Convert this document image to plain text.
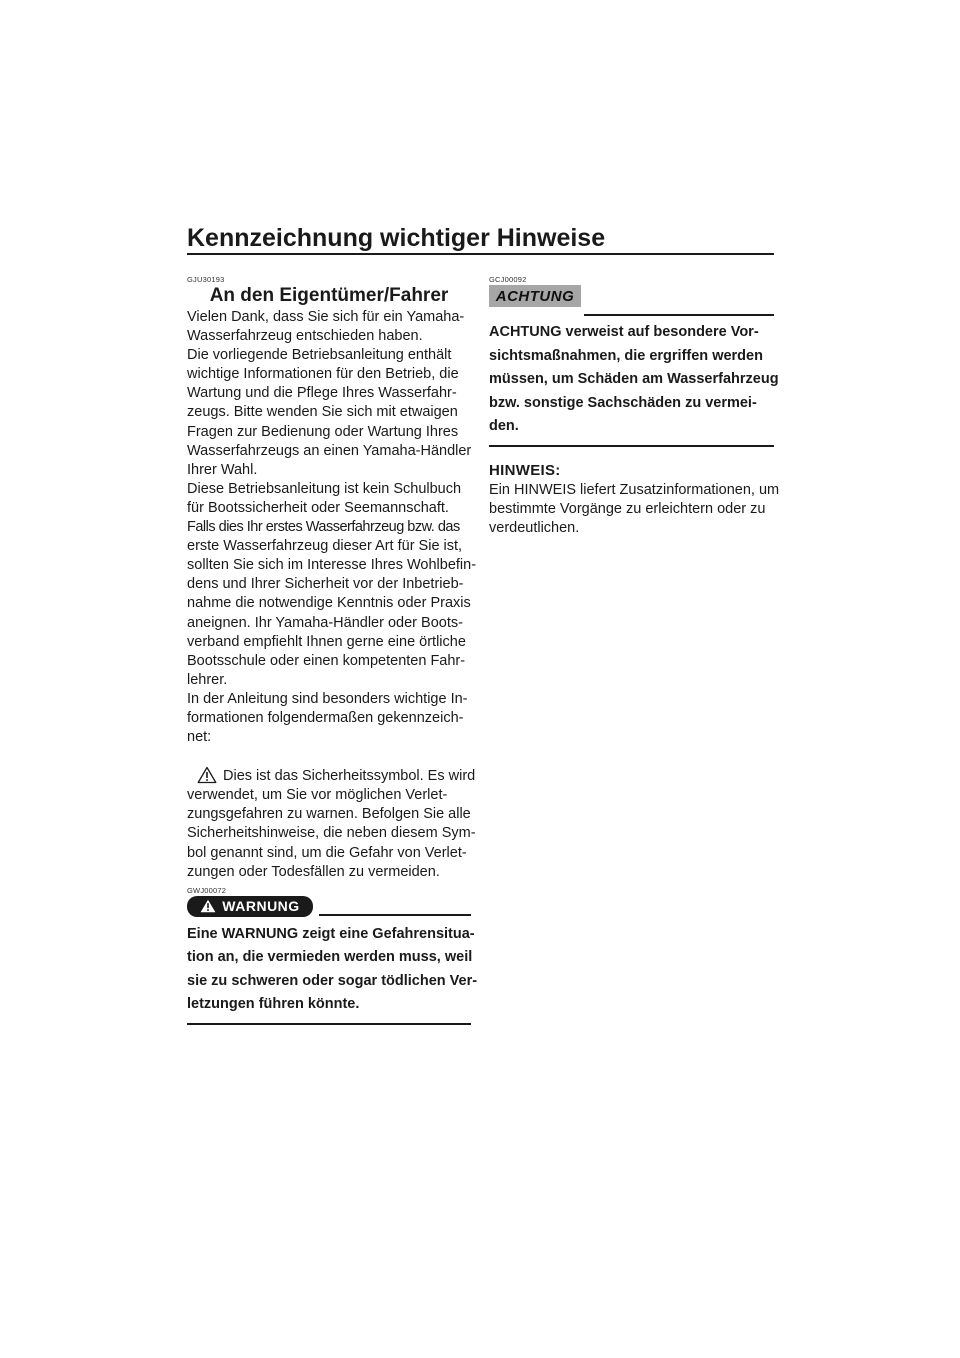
Kennzeichnung wichtiger Hinweise
GJU30193
An den Eigentümer/Fahrer
Vielen Dank, dass Sie sich für ein Yamaha-
Wasserfahrzeug entschieden haben.
Die vorliegende Betriebsanleitung enthält
wichtige Informationen für den Betrieb, die
Wartung und die Pflege Ihres Wasserfahr-
zeugs. Bitte wenden Sie sich mit etwaigen
Fragen zur Bedienung oder Wartung Ihres
Wasserfahrzeugs an einen Yamaha-Händler
Ihrer Wahl.
Diese Betriebsanleitung ist kein Schulbuch
für Bootssicherheit oder Seemannschaft.
Falls dies Ihr erstes Wasserfahrzeug bzw. das
erste Wasserfahrzeug dieser Art für Sie ist,
sollten Sie sich im Interesse Ihres Wohlbefin-
dens und Ihrer Sicherheit vor der Inbetrieb-
nahme die notwendige Kenntnis oder Praxis
aneignen. Ihr Yamaha-Händler oder Boots-
verband empfiehlt Ihnen gerne eine örtliche
Bootsschule oder einen kompetenten Fahr-
lehrer.
In der Anleitung sind besonders wichtige In-
formationen folgendermaßen gekennzeich-
net:
Dies ist das Sicherheitssymbol. Es wird
verwendet, um Sie vor möglichen Verlet-
zungsgefahren zu warnen. Befolgen Sie alle
Sicherheitshinweise, die neben diesem Sym-
bol genannt sind, um die Gefahr von Verlet-
zungen oder Todesfällen zu vermeiden.
GWJ00072
WARNUNG
Eine WARNUNG zeigt eine Gefahrensitua-
tion an, die vermieden werden muss, weil
sie zu schweren oder sogar tödlichen Ver-
letzungen führen könnte.
GCJ00092
ACHTUNG
ACHTUNG verweist auf besondere Vor-
sichtsmaßnahmen, die ergriffen werden
müssen, um Schäden am Wasserfahrzeug
bzw. sonstige Sachschäden zu vermei-
den.
HINWEIS:
Ein HINWEIS liefert Zusatzinformationen, um
bestimmte Vorgänge zu erleichtern oder zu
verdeutlichen.
